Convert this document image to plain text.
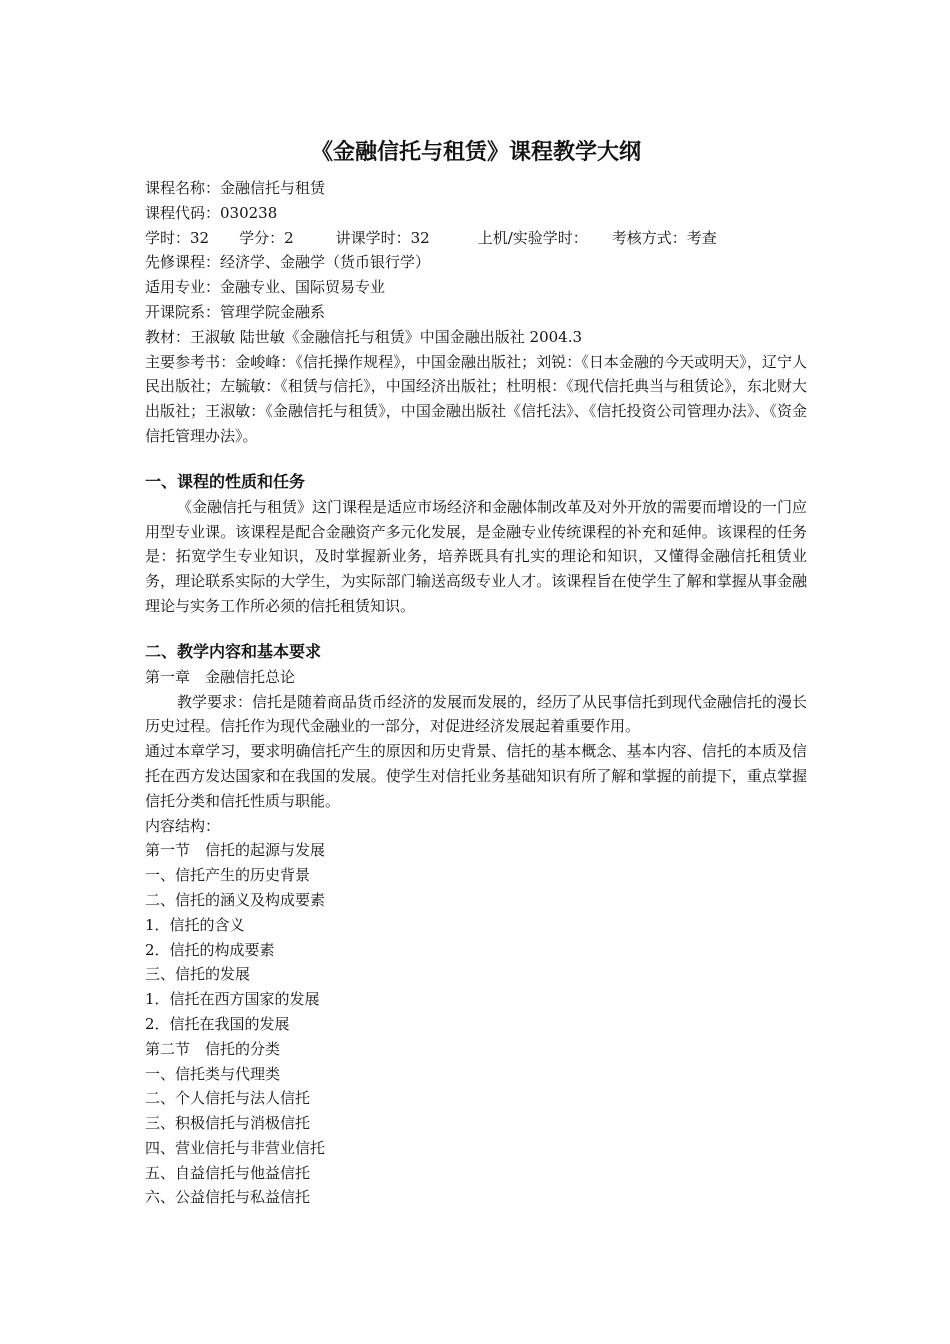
《金融信托与租赁》课程教学大纲
课程名称：金融信托与租赁
课程代码：030238
学时：32 学分：2	讲课学时：32	上机/实验学时： 考核方式：考查
先修课程：经济学、金融学（货币银行学）
适用专业：金融专业、国际贸易专业
开课院系：管理学院金融系
教材：王淑敏 陆世敏《金融信托与租赁》中国金融出版社 2004.3
主要参考书：金峻峰：《信托操作规程》，中国金融出版社；刘锐：《日本金融的今天或明天》，辽宁人民出版社；左毓敏：《租赁与信托》，中国经济出版社；杜明根：《现代信托典当与租赁论》，东北财大出版社；王淑敏：《金融信托与租赁》，中国金融出版社《信托法》、《信托投资公司管理办法》、《资金信托管理办法》。
一、课程的性质和任务
《金融信托与租赁》这门课程是适应市场经济和金融体制改革及对外开放的需要而增设的一门应用型专业课。该课程是配合金融资产多元化发展，是金融专业传统课程的补充和延伸。该课程的任务是：拓宽学生专业知识，及时掌握新业务，培养既具有扎实的理论和知识，又懂得金融信托租赁业务，理论联系实际的大学生，为实际部门输送高级专业人才。该课程旨在使学生了解和掌握从事金融理论与实务工作所必须的信托租赁知识。
二、教学内容和基本要求
第一章　金融信托总论
教学要求：信托是随着商品货币经济的发展而发展的，经历了从民事信托到现代金融信托的漫长历史过程。信托作为现代金融业的一部分，对促进经济发展起着重要作用。
通过本章学习，要求明确信托产生的原因和历史背景、信托的基本概念、基本内容、信托的本质及信托在西方发达国家和在我国的发展。使学生对信托业务基础知识有所了解和掌握的前提下，重点掌握信托分类和信托性质与职能。
内容结构：
第一节　信托的起源与发展
一、信托产生的历史背景
二、信托的涵义及构成要素
1．信托的含义
2．信托的构成要素
三、信托的发展
1．信托在西方国家的发展
2．信托在我国的发展
第二节　信托的分类
一、信托类与代理类
二、个人信托与法人信托
三、积极信托与消极信托
四、营业信托与非营业信托
五、自益信托与他益信托
六、公益信托与私益信托
